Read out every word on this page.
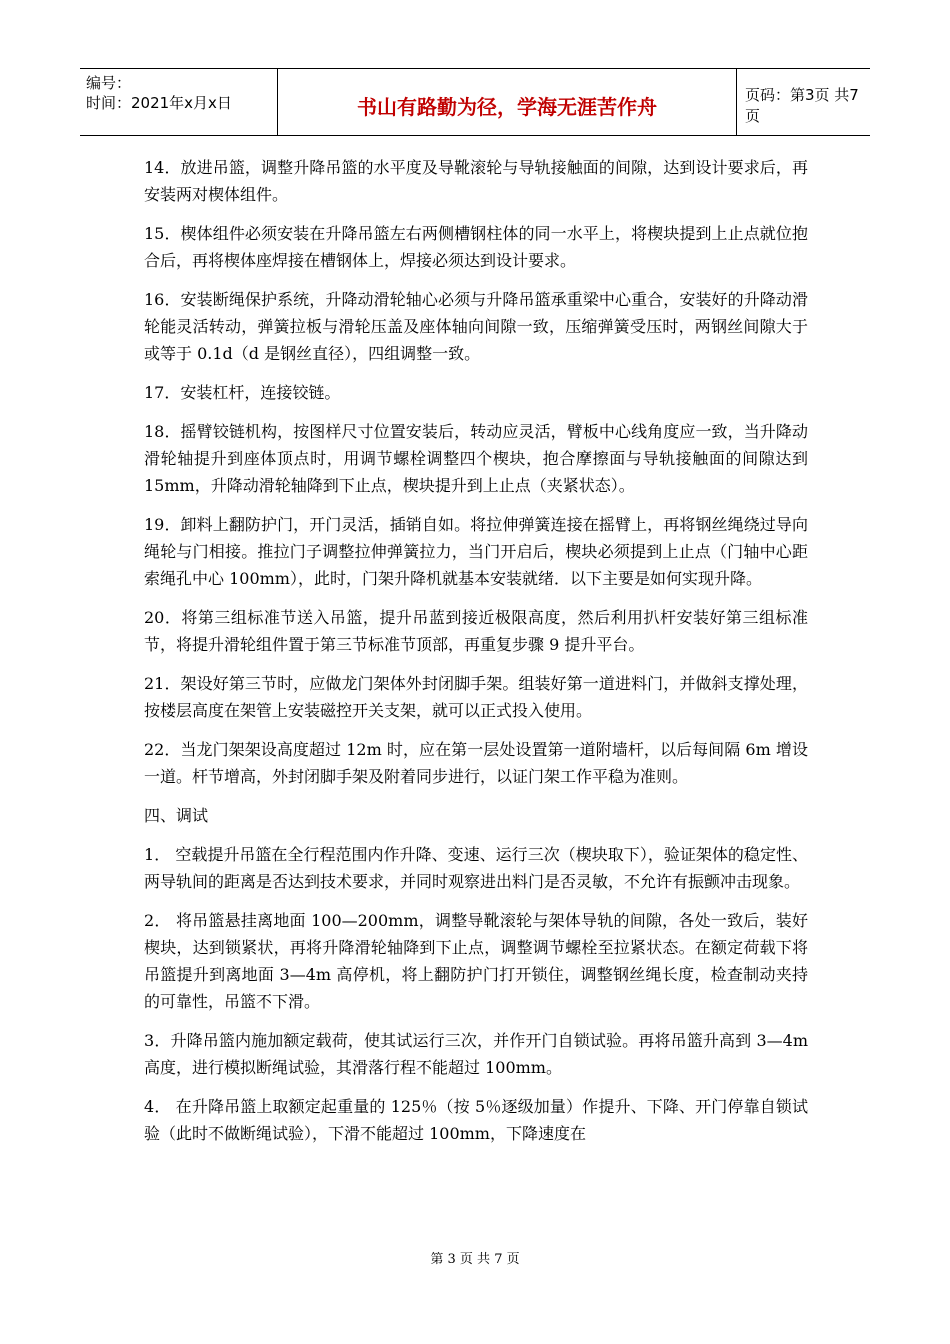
编号：
时间：2021年x月x日	书山有路勤为径，学海无涯苦作舟	页码：第3页 共7页

14．放进吊篮，调整升降吊篮的水平度及导靴滚轮与导轨接触面的间隙，达到设计要求后，再安装两对楔体组件。

15．楔体组件必须安装在升降吊篮左右两侧槽钢柱体的同一水平上，将楔块提到上止点就位抱合后，再将楔体座焊接在槽钢体上，焊接必须达到设计要求。

16．安装断绳保护系统，升降动滑轮轴心必须与升降吊篮承重梁中心重合，安装好的升降动滑轮能灵活转动，弹簧拉板与滑轮压盖及座体轴向间隙一致，压缩弹簧受压时，两钢丝间隙大于或等于 0.1d（d 是钢丝直径），四组调整一致。

17．安装杠杆，连接铰链。

18．摇臂铰链机构，按图样尺寸位置安装后，转动应灵活，臂板中心线角度应一致，当升降动滑轮轴提升到座体顶点时，用调节螺栓调整四个楔块，抱合摩擦面与导轨接触面的间隙达到 15mm，升降动滑轮轴降到下止点，楔块提升到上止点（夹紧状态）。

19．卸料上翻防护门，开门灵活，插销自如。将拉伸弹簧连接在摇臂上，再将钢丝绳绕过导向绳轮与门相接。推拉门子调整拉伸弹簧拉力，当门开启后，楔块必须提到上止点（门轴中心距索绳孔中心 100mm），此时，门架升降机就基本安装就绪．以下主要是如何实现升降。

20．将第三组标准节送入吊篮，提升吊蓝到接近极限高度，然后利用扒杆安装好第三组标准节，将提升滑轮组件置于第三节标准节顶部，再重复步骤 9 提升平台。

21．架设好第三节时，应做龙门架体外封闭脚手架。组装好第一道进料门，并做斜支撑处理，按楼层高度在架管上安装磁控开关支架，就可以正式投入使用。

22．当龙门架架设高度超过 12m 时，应在第一层处设置第一道附墙杆，以后每间隔 6m 增设一道。杆节增高，外封闭脚手架及附着同步进行，以证门架工作平稳为准则。

四、调试

1． 空载提升吊篮在全行程范围内作升降、变速、运行三次（楔块取下），验证架体的稳定性、两导轨间的距离是否达到技术要求，并同时观察进出料门是否灵敏，不允许有振颤冲击现象。

2． 将吊篮悬挂离地面 100—200mm，调整导靴滚轮与架体导轨的间隙，各处一致后，装好楔块，达到锁紧状，再将升降滑轮轴降到下止点，调整调节螺栓至拉紧状态。在额定荷载下将吊篮提升到离地面 3—4m 高停机，将上翻防护门打开锁住，调整钢丝绳长度，检查制动夹持的可靠性，吊篮不下滑。

3．升降吊篮内施加额定载荷，使其试运行三次，并作开门自锁试验。再将吊篮升高到 3—4m 高度，进行模拟断绳试验，其滑落行程不能超过 100mm。

4． 在升降吊篮上取额定起重量的 125％（按 5％逐级加量）作提升、下降、开门停靠自锁试验（此时不做断绳试验），下滑不能超过 100mm，下降速度在

第 3 页 共 7 页
